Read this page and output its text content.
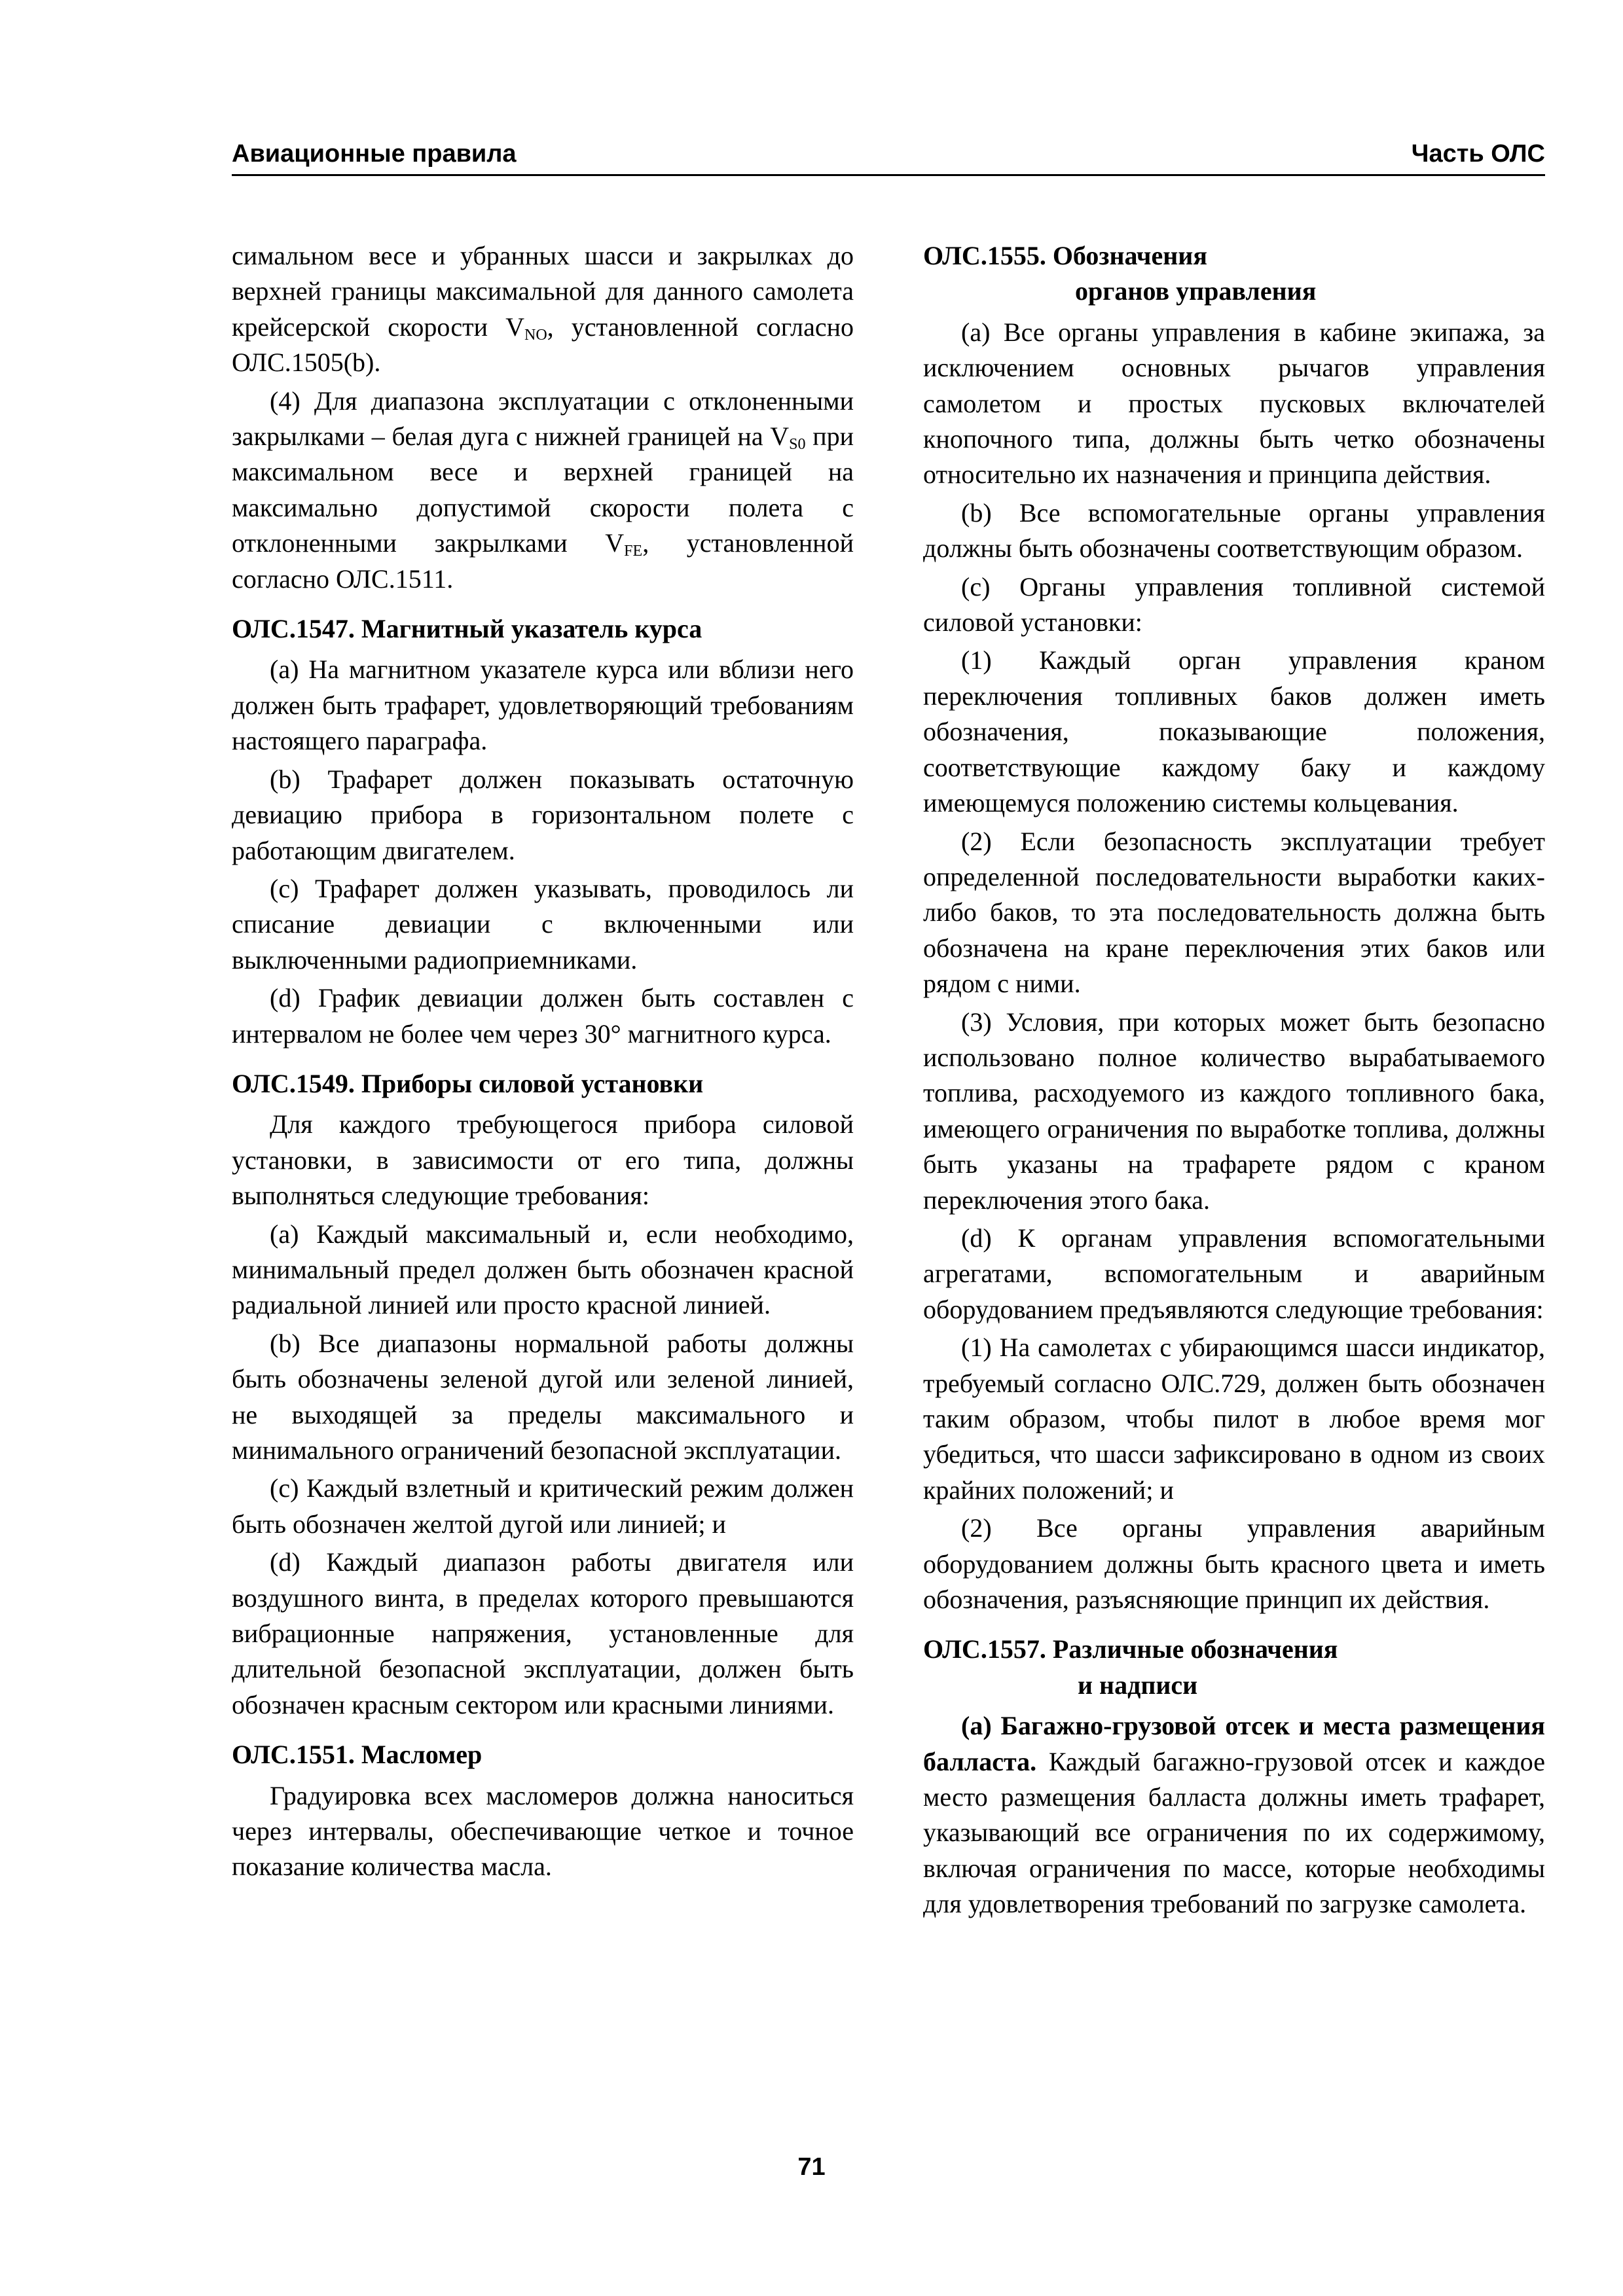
Авиационные правила	Часть ОЛС

симальном весе и убранных шасси и закрылках до верхней границы максимальной для данного самолета крейсерской скорости $V_{NO}$, установленной согласно ОЛС.1505(b).

(4) Для диапазона эксплуатации с отклоненными закрылками – белая дуга с нижней границей на $V_{S0}$ при максимальном весе и верхней границей на максимально допустимой скорости полета с отклоненными закрылками $V_{FE}$, установленной согласно ОЛС.1511.

ОЛС.1547. Магнитный указатель курса

(a) На магнитном указателе курса или вблизи него должен быть трафарет, удовлетворяющий требованиям настоящего параграфа.

(b) Трафарет должен показывать остаточную девиацию прибора в горизонтальном полете с работающим двигателем.

(c) Трафарет должен указывать, проводилось ли списание девиации с включенными или выключенными радиоприемниками.

(d) График девиации должен быть составлен с интервалом не более чем через 30° магнитного курса.

ОЛС.1549. Приборы силовой установки

Для каждого требующегося прибора силовой установки, в зависимости от его типа, должны выполняться следующие требования:

(a) Каждый максимальный и, если необходимо, минимальный предел должен быть обозначен красной радиальной линией или просто красной линией.

(b) Все диапазоны нормальной работы должны быть обозначены зеленой дугой или зеленой линией, не выходящей за пределы максимального и минимального ограничений безопасной эксплуатации.

(c) Каждый взлетный и критический режим должен быть обозначен желтой дугой или линией; и

(d) Каждый диапазон работы двигателя или воздушного винта, в пределах которого превышаются вибрационные напряжения, установленные для длительной безопасной эксплуатации, должен быть обозначен красным сектором или красными линиями.

ОЛС.1551. Масломер

Градуировка всех масломеров должна наноситься через интервалы, обеспечивающие четкое и точное показание количества масла.

ОЛС.1555. Обозначения
органов управления

(a) Все органы управления в кабине экипажа, за исключением основных рычагов управления самолетом и простых пусковых включателей кнопочного типа, должны быть четко обозначены относительно их назначения и принципа действия.

(b) Все вспомогательные органы управления должны быть обозначены соответствующим образом.

(c) Органы управления топливной системой силовой установки:

(1) Каждый орган управления краном переключения топливных баков должен иметь обозначения, показывающие положения, соответствующие каждому баку и каждому имеющемуся положению системы кольцевания.

(2) Если безопасность эксплуатации требует определенной последовательности выработки каких-либо баков, то эта последовательность должна быть обозначена на кране переключения этих баков или рядом с ними.

(3) Условия, при которых может быть безопасно использовано полное количество вырабатываемого топлива, расходуемого из каждого топливного бака, имеющего ограничения по выработке топлива, должны быть указаны на трафарете рядом с краном переключения этого бака.

(d) К органам управления вспомогательными агрегатами, вспомогательным и аварийным оборудованием предъявляются следующие требования:

(1) На самолетах с убирающимся шасси индикатор, требуемый согласно ОЛС.729, должен быть обозначен таким образом, чтобы пилот в любое время мог убедиться, что шасси зафиксировано в одном из своих крайних положений; и

(2) Все органы управления аварийным оборудованием должны быть красного цвета и иметь обозначения, разъясняющие принцип их действия.

ОЛС.1557. Различные обозначения
и надписи

(a) Багажно-грузовой отсек и места размещения балласта. Каждый багажно-грузовой отсек и каждое место размещения балласта должны иметь трафарет, указывающий все ограничения по их содержимому, включая ограничения по массе, которые необходимы для удовлетворения требований по загрузке самолета.

71
